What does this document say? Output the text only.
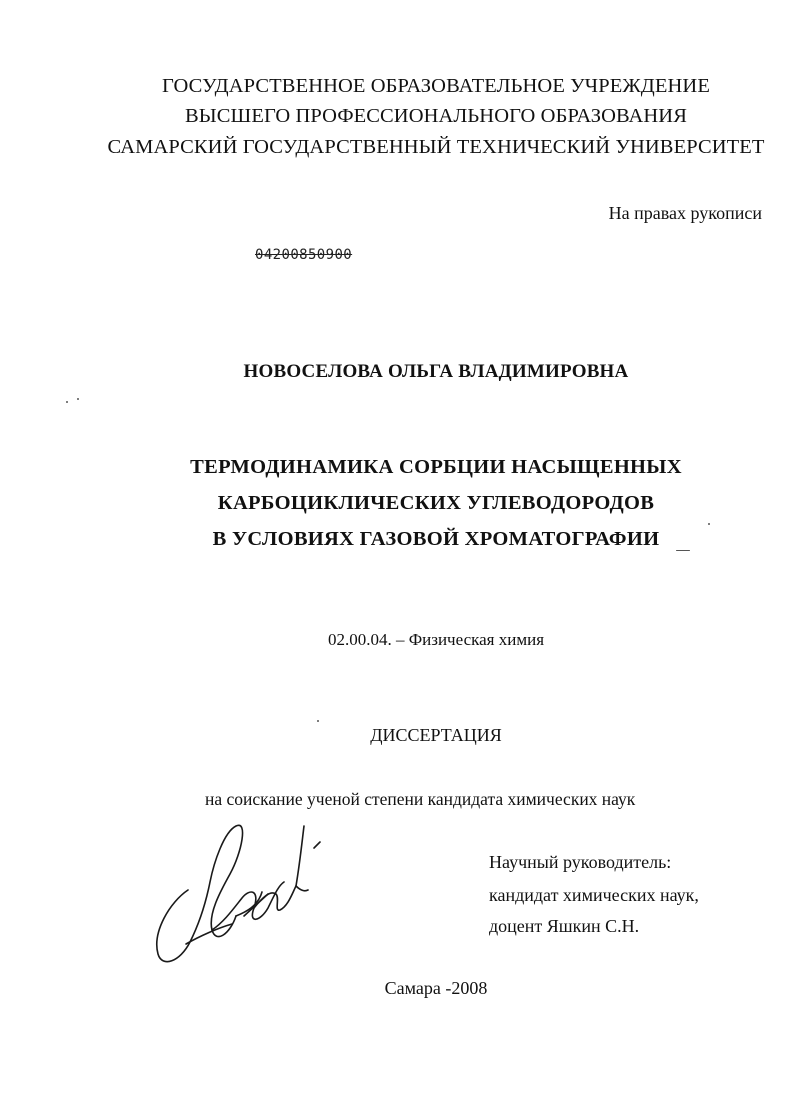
ГОСУДАРСТВЕННОЕ ОБРАЗОВАТЕЛЬНОЕ УЧРЕЖДЕНИЕ
ВЫСШЕГО ПРОФЕССИОНАЛЬНОГО ОБРАЗОВАНИЯ
САМАРСКИЙ ГОСУДАРСТВЕННЫЙ ТЕХНИЧЕСКИЙ УНИВЕРСИТЕТ
На правах рукописи
04200850900
НОВОСЕЛОВА ОЛЬГА ВЛАДИМИРОВНА
ТЕРМОДИНАМИКА СОРБЦИИ НАСЫЩЕННЫХ
КАРБОЦИКЛИЧЕСКИХ УГЛЕВОДОРОДОВ
В УСЛОВИЯХ ГАЗОВОЙ ХРОМАТОГРАФИИ
02.00.04. – Физическая химия
ДИССЕРТАЦИЯ
на соискание ученой степени кандидата химических наук
Научный руководитель:
кандидат химических наук,
доцент Яшкин С.Н.
Самара -2008
